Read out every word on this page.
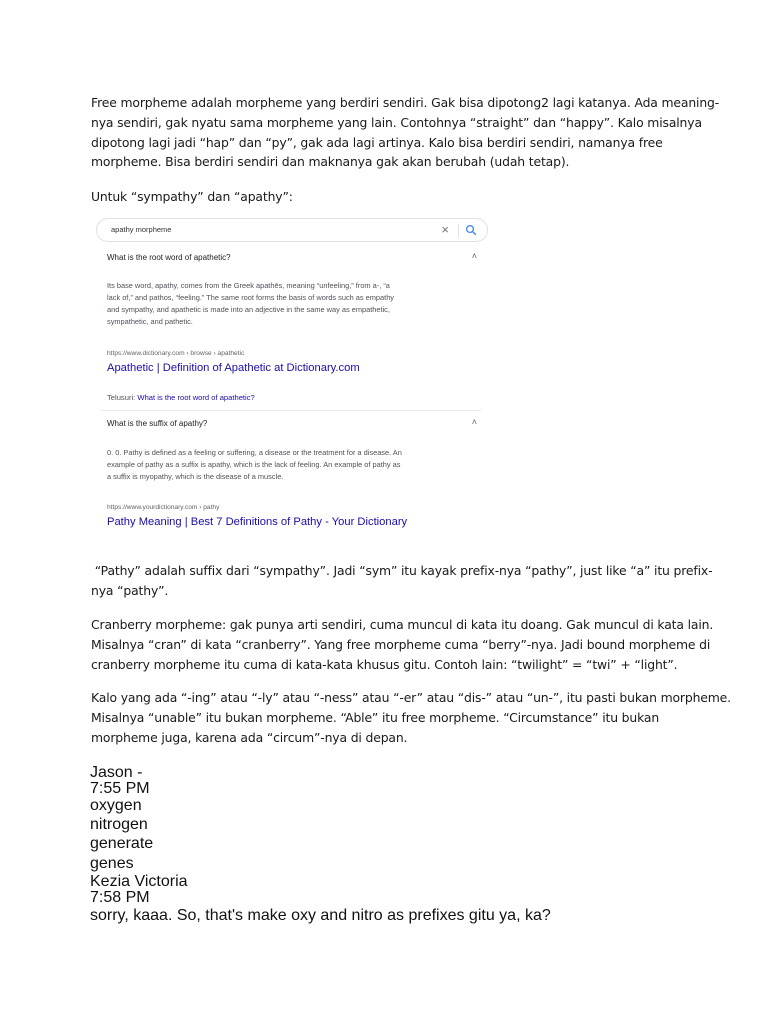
Free morpheme adalah morpheme yang berdiri sendiri. Gak bisa dipotong2 lagi katanya. Ada meaning-
nya sendiri, gak nyatu sama morpheme yang lain. Contohnya “straight” dan “happy”. Kalo misalnya
dipotong lagi jadi “hap” dan “py”, gak ada lagi artinya. Kalo bisa berdiri sendiri, namanya free
morpheme. Bisa berdiri sendiri dan maknanya gak akan berubah (udah tetap).
Untuk “sympathy” dan “apathy”:
apathy morpheme	×
What is the root word of apathetic?	˄
Its base word, apathy, comes from the Greek apathēs, meaning “unfeeling,” from a-, “a
lack of,” and pathos, “feeling.” The same root forms the basis of words such as empathy
and sympathy, and apathetic is made into an adjective in the same way as empathetic,
sympathetic, and pathetic.
https://www.dictionary.com › browse › apathetic
Apathetic | Definition of Apathetic at Dictionary.com
Telusuri: What is the root word of apathetic?
What is the suffix of apathy?	˄
0. 0. Pathy is defined as a feeling or suffering, a disease or the treatment for a disease. An
example of pathy as a suffix is apathy, which is the lack of feeling. An example of pathy as
a suffix is myopathy, which is the disease of a muscle.
https://www.yourdictionary.com › pathy
Pathy Meaning | Best 7 Definitions of Pathy - Your Dictionary
“Pathy” adalah suffix dari “sympathy”. Jadi “sym” itu kayak prefix-nya “pathy”, just like “a” itu prefix-
nya “pathy”.
Cranberry morpheme: gak punya arti sendiri, cuma muncul di kata itu doang. Gak muncul di kata lain.
Misalnya “cran” di kata “cranberry”. Yang free morpheme cuma “berry”-nya. Jadi bound morpheme di
cranberry morpheme itu cuma di kata-kata khusus gitu. Contoh lain: “twilight” = “twi” + “light”.
Kalo yang ada “-ing” atau “-ly” atau “-ness” atau “-er” atau “dis-” atau “un-”, itu pasti bukan morpheme.
Misalnya “unable” itu bukan morpheme. “Able” itu free morpheme. “Circumstance” itu bukan
morpheme juga, karena ada “circum”-nya di depan.
Jason -
7:55 PM
oxygen
nitrogen
generate
genes
Kezia Victoria
7:58 PM
sorry, kaaa. So, that's make oxy and nitro as prefixes gitu ya, ka?
